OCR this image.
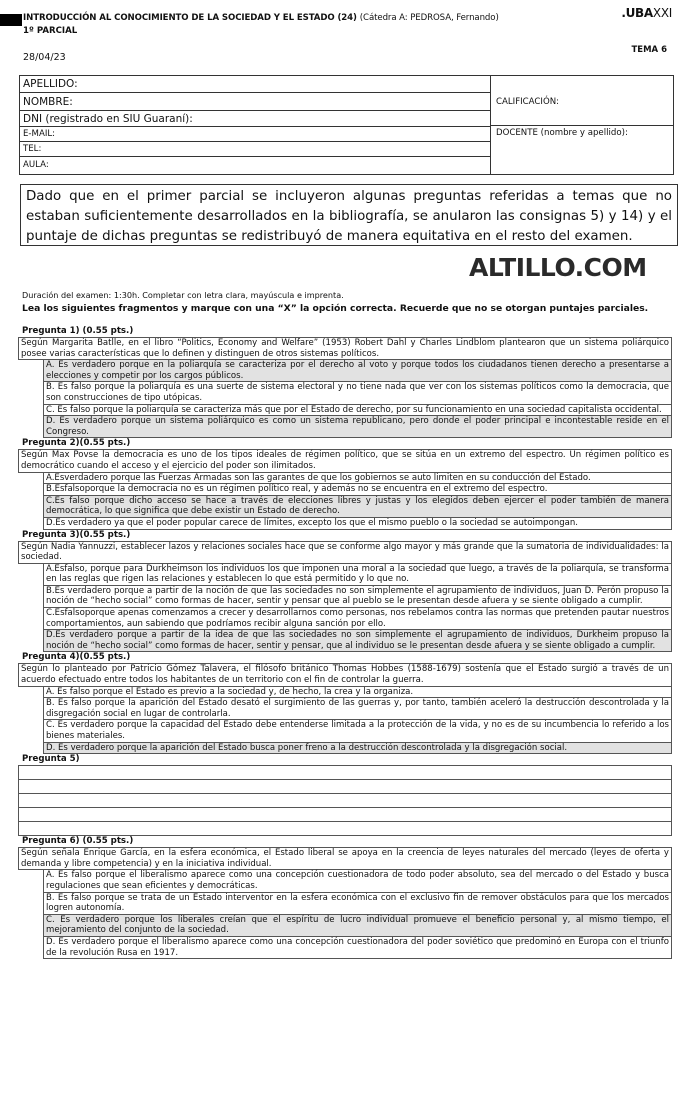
INTRODUCCIÓN AL CONOCIMIENTO DE LA SOCIEDAD Y EL ESTADO (24) (Cátedra A: PEDROSA, Fernando)
1º PARCIAL
.UBAXXI
28/04/23
TEMA 6
APELLIDO:
NOMBRE:
DNI (registrado en SIU Guaraní):
E-MAIL:
TEL:
AULA:
CALIFICACIÓN:
DOCENTE (nombre y apellido):
Dado que en el primer parcial se incluyeron algunas preguntas referidas a temas que no estaban suficientemente desarrollados en la bibliografía, se anularon las consignas 5) y 14) y el puntaje de dichas preguntas se redistribuyó de manera equitativa en el resto del examen.
ALTILLO.COM
Duración del examen: 1:30h. Completar con letra clara, mayúscula e imprenta.
Lea los siguientes fragmentos y marque con una “X” la opción correcta. Recuerde que no se otorgan puntajes parciales.
Pregunta 1) (0.55 pts.)
Según Margarita Batlle, en el libro “Politics, Economy and Welfare” (1953) Robert Dahl y Charles Lindblom plantearon que un sistema poliárquico posee varias características que lo definen y distinguen de otros sistemas políticos.
A. Es verdadero porque en la poliarquía se caracteriza por el derecho al voto y porque todos los ciudadanos tienen derecho a presentarse a elecciones y competir por los cargos públicos.
B. Es falso porque la poliarquía es una suerte de sistema electoral y no tiene nada que ver con los sistemas políticos como la democracia, que son construcciones de tipo utópicas.
C. Es falso porque la poliarquía se caracteriza más que por el Estado de derecho, por su funcionamiento en una sociedad capitalista occidental.
D. Es verdadero porque un sistema poliárquico es como un sistema republicano, pero donde el poder principal e incontestable reside en el Congreso.
Pregunta 2)(0.55 pts.)
Según Max Povse la democracia es uno de los tipos ideales de régimen político, que se sitúa en un extremo del espectro. Un régimen político es democrático cuando el acceso y el ejercicio del poder son ilimitados.
A.Esverdadero porque las Fuerzas Armadas son las garantes de que los gobiernos se auto limiten en su conducción del Estado.
B.Esfalsoporque la democracia no es un régimen político real, y además no se encuentra en el extremo del espectro.
C.Es falso porque dicho acceso se hace a través de elecciones libres y justas y los elegidos deben ejercer el poder también de manera democrática, lo que significa que debe existir un Estado de derecho.
D.Es verdadero ya que el poder popular carece de límites, excepto los que el mismo pueblo o la sociedad se autoimpongan.
Pregunta 3)(0.55 pts.)
Según Nadia Yannuzzi, establecer lazos y relaciones sociales hace que se conforme algo mayor y más grande que la sumatoria de individualidades: la sociedad.
A.Esfalso, porque para Durkheimson los individuos los que imponen una moral a la sociedad que luego, a través de la poliarquía, se transforma en las reglas que rigen las relaciones y establecen lo que está permitido y lo que no.
B.Es verdadero porque a partir de la noción de que las sociedades no son simplemente el agrupamiento de individuos, Juan D. Perón propuso la noción de “hecho social” como formas de hacer, sentir y pensar que al pueblo se le presentan desde afuera y se siente obligado a cumplir.
C.Esfalsoporque apenas comenzamos a crecer y desarrollarnos como personas, nos rebelamos contra las normas que pretenden pautar nuestros comportamientos, aun sabiendo que podríamos recibir alguna sanción por ello.
D.Es verdadero porque a partir de la idea de que las sociedades no son simplemente el agrupamiento de individuos, Durkheim propuso la noción de “hecho social” como formas de hacer, sentir y pensar, que al individuo se le presentan desde afuera y se siente obligado a cumplir.
Pregunta 4)(0.55 pts.)
Según lo planteado por Patricio Gómez Talavera, el filósofo británico Thomas Hobbes (1588-1679) sostenía que el Estado surgió a través de un acuerdo efectuado entre todos los habitantes de un territorio con el fin de controlar la guerra.
A. Es falso porque el Estado es previo a la sociedad y, de hecho, la crea y la organiza.
B. Es falso porque la aparición del Estado desató el surgimiento de las guerras y, por tanto, también aceleró la destrucción descontrolada y la disgregación social en lugar de controlarla.
C. Es verdadero porque la capacidad del Estado debe entenderse limitada a la protección de la vida, y no es de su incumbencia lo referido a los bienes materiales.
D. Es verdadero porque la aparición del Estado busca poner freno a la destrucción descontrolada y la disgregación social.
Pregunta 5)
Pregunta 6) (0.55 pts.)
Según señala Enrique García, en la esfera económica, el Estado liberal se apoya en la creencia de leyes naturales del mercado (leyes de oferta y demanda y libre competencia) y en la iniciativa individual.
A. Es falso porque el liberalismo aparece como una concepción cuestionadora de todo poder absoluto, sea del mercado o del Estado y busca regulaciones que sean eficientes y democráticas.
B. Es falso porque se trata de un Estado interventor en la esfera económica con el exclusivo fin de remover obstáculos para que los mercados logren autonomía.
C. Es verdadero porque los liberales creían que el espíritu de lucro individual promueve el beneficio personal y, al mismo tiempo, el mejoramiento del conjunto de la sociedad.
D. Es verdadero porque el liberalismo aparece como una concepción cuestionadora del poder soviético que predominó en Europa con el triunfo de la revolución Rusa en 1917.
